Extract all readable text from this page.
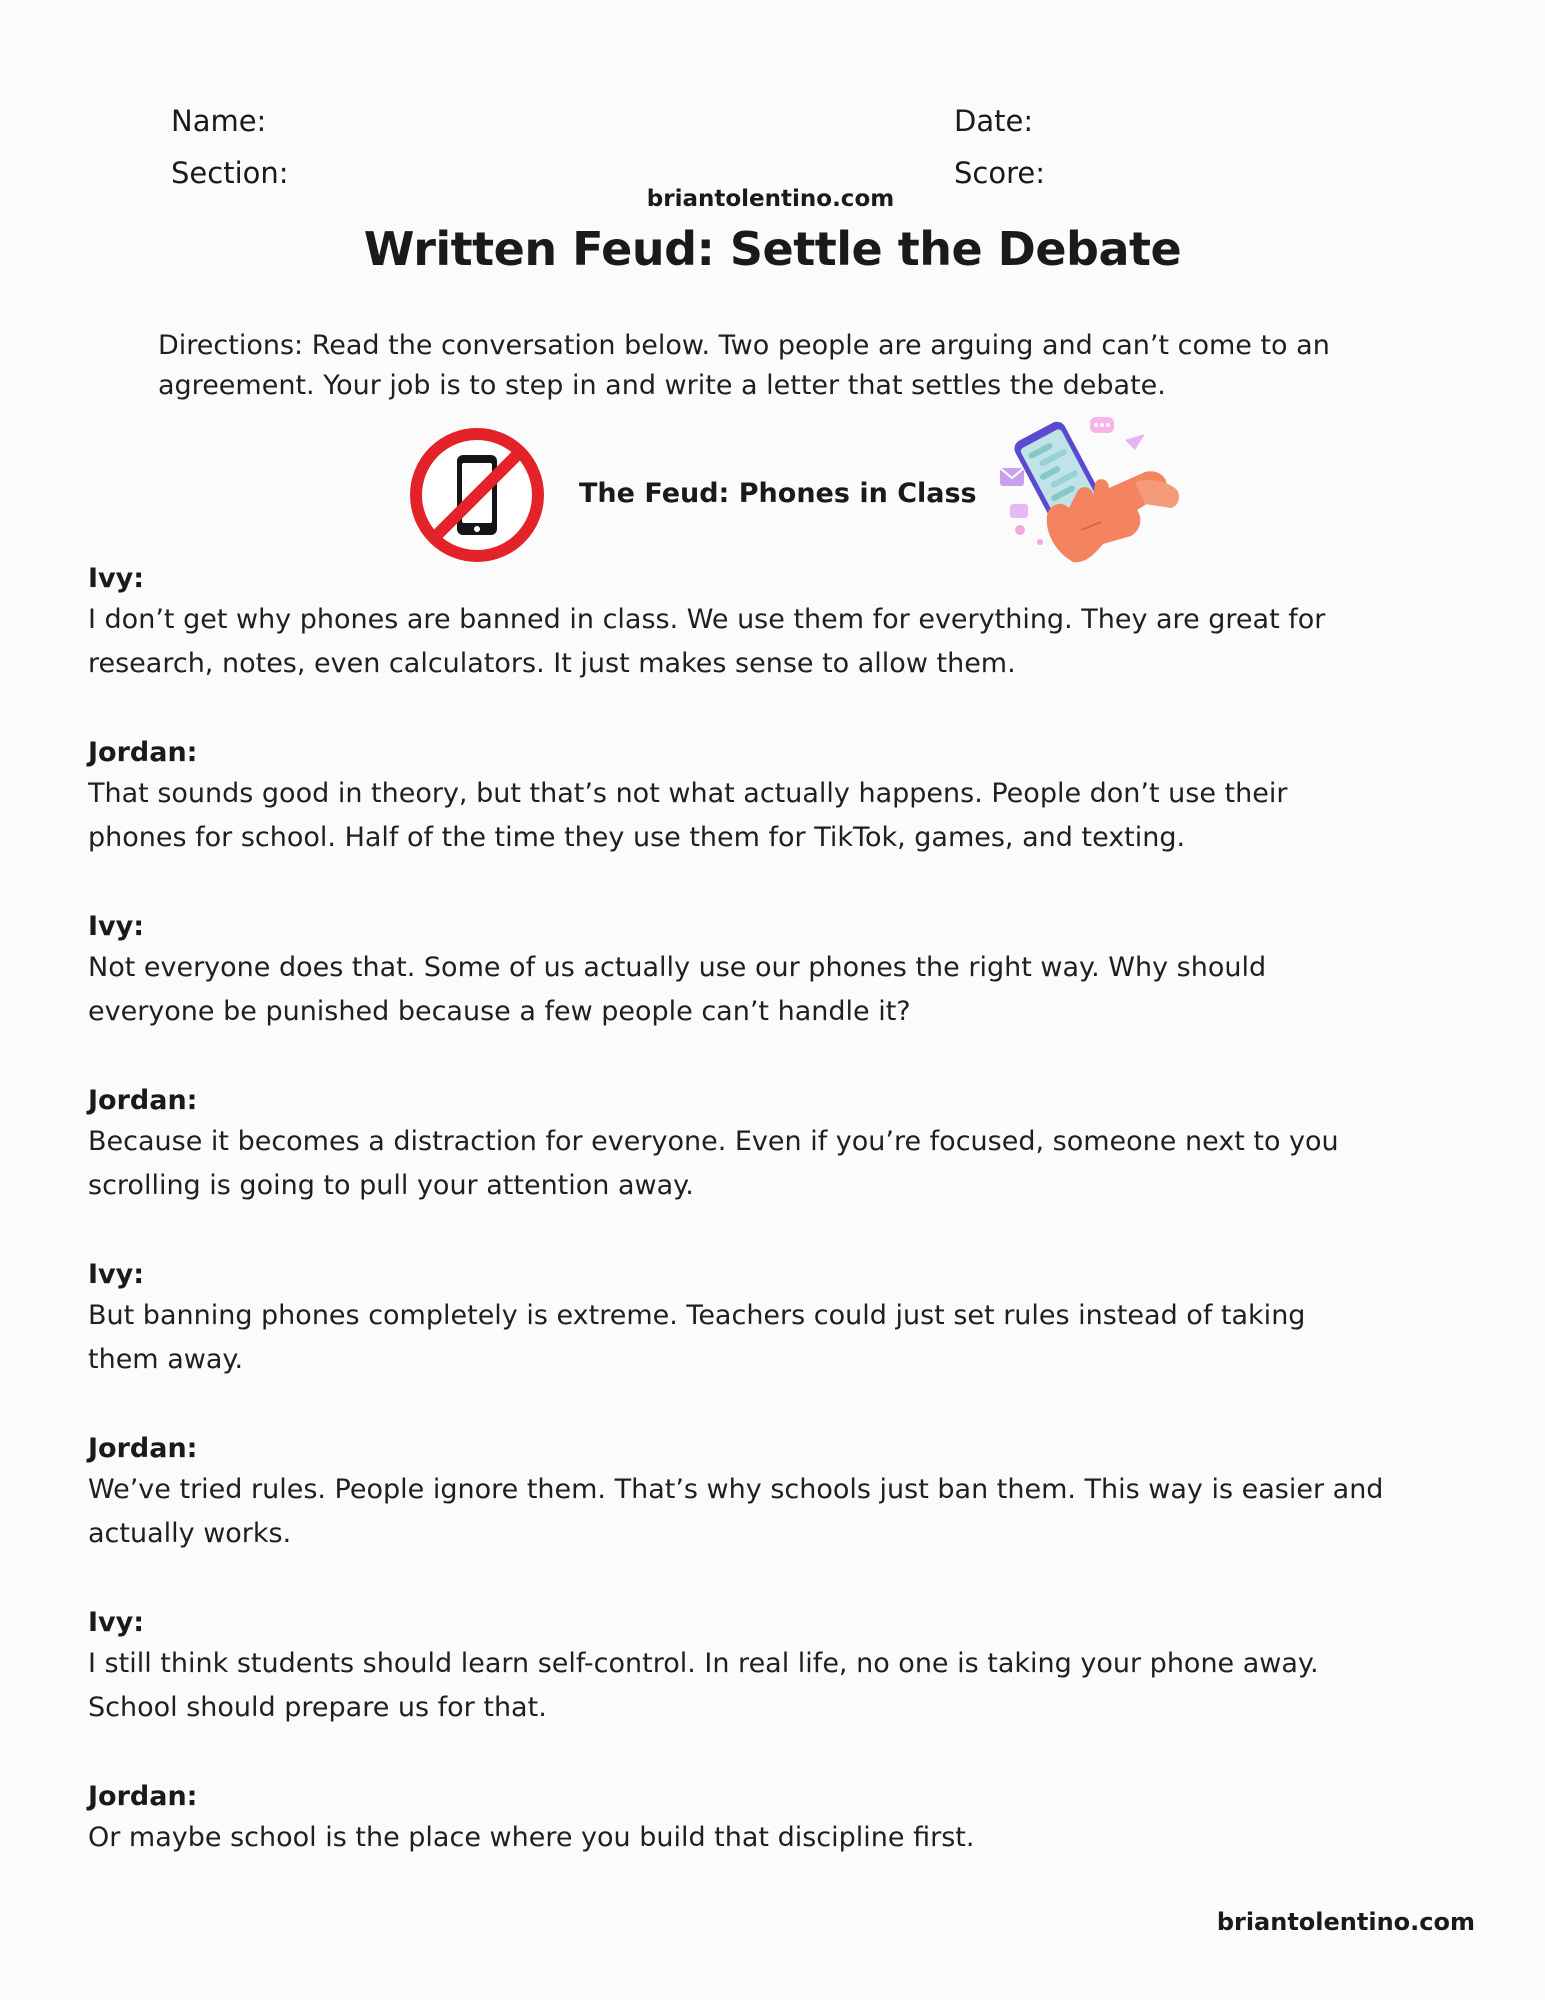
Name:
Section:
Date:
Score:
briantolentino.com
Written Feud: Settle the Debate
Directions: Read the conversation below. Two people are arguing and can’t come to an agreement. Your job is to step in and write a letter that settles the debate.
The Feud: Phones in Class

Ivy:

I don’t get why phones are banned in class. We use them for everything. They are great for

research, notes, even calculators. It just makes sense to allow them.

Jordan:

That sounds good in theory, but that’s not what actually happens. People don’t use their

phones for school. Half of the time they use them for TikTok, games, and texting.

Ivy:

Not everyone does that. Some of us actually use our phones the right way. Why should

everyone be punished because a few people can’t handle it?

Jordan:

Because it becomes a distraction for everyone. Even if you’re focused, someone next to you

scrolling is going to pull your attention away.

Ivy:

But banning phones completely is extreme. Teachers could just set rules instead of taking

them away.

Jordan:

We’ve tried rules. People ignore them. That’s why schools just ban them. This way is easier and

actually works.

Ivy:

I still think students should learn self-control. In real life, no one is taking your phone away.

School should prepare us for that.

Jordan:

Or maybe school is the place where you build that discipline first.

briantolentino.com
